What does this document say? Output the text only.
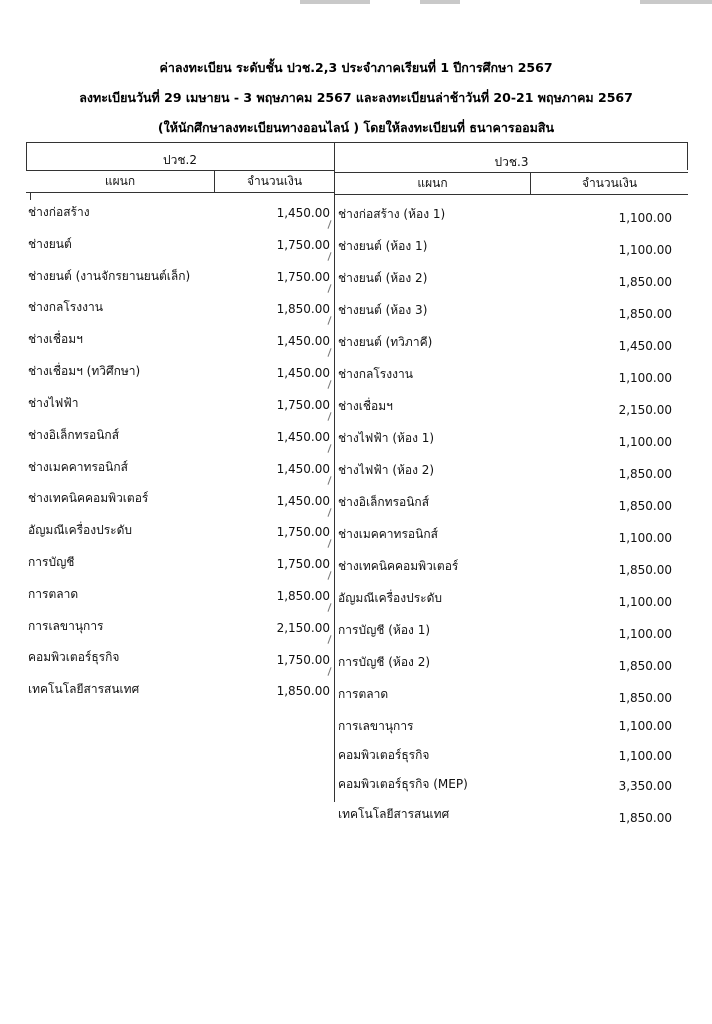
ค่าลงทะเบียน ระดับชั้น ปวช.2,3 ประจำภาคเรียนที่ 1 ปีการศึกษา 2567
ลงทะเบียนวันที่ 29 เมษายน - 3 พฤษภาคม 2567 และลงทะเบียนล่าช้าวันที่ 20-21 พฤษภาคม 2567
(ให้นักศึกษาลงทะเบียนทางออนไลน์ ) โดยให้ลงทะเบียนที่ ธนาคารออมสิน
ปวช.2	ปวช.3
แผนก	จำนวนเงิน	แผนก	จำนวนเงิน
ช่างก่อสร้าง	1,450.00
ช่างยนต์	1,750.00
ช่างยนต์ (งานจักรยานยนต์เล็ก)	1,750.00
ช่างกลโรงงาน	1,850.00
ช่างเชื่อมฯ	1,450.00
ช่างเชื่อมฯ (ทวิศึกษา)	1,450.00
ช่างไฟฟ้า	1,750.00
ช่างอิเล็กทรอนิกส์	1,450.00
ช่างเมคคาทรอนิกส์	1,450.00
ช่างเทคนิคคอมพิวเตอร์	1,450.00
อัญมณีเครื่องประดับ	1,750.00
การบัญชี	1,750.00
การตลาด	1,850.00
การเลขานุการ	2,150.00
คอมพิวเตอร์ธุรกิจ	1,750.00
เทคโนโลยีสารสนเทศ	1,850.00
ช่างก่อสร้าง (ห้อง 1)	1,100.00
ช่างยนต์ (ห้อง 1)	1,100.00
ช่างยนต์ (ห้อง 2)	1,850.00
ช่างยนต์ (ห้อง 3)	1,850.00
ช่างยนต์ (ทวิภาคี)	1,450.00
ช่างกลโรงงาน	1,100.00
ช่างเชื่อมฯ	2,150.00
ช่างไฟฟ้า (ห้อง 1)	1,100.00
ช่างไฟฟ้า (ห้อง 2)	1,850.00
ช่างอิเล็กทรอนิกส์	1,850.00
ช่างเมคคาทรอนิกส์	1,100.00
ช่างเทคนิคคอมพิวเตอร์	1,850.00
อัญมณีเครื่องประดับ	1,100.00
การบัญชี (ห้อง 1)	1,100.00
การบัญชี (ห้อง 2)	1,850.00
การตลาด	1,850.00
การเลขานุการ	1,100.00
คอมพิวเตอร์ธุรกิจ	1,100.00
คอมพิวเตอร์ธุรกิจ (MEP)	3,350.00
เทคโนโลยีสารสนเทศ	1,850.00
